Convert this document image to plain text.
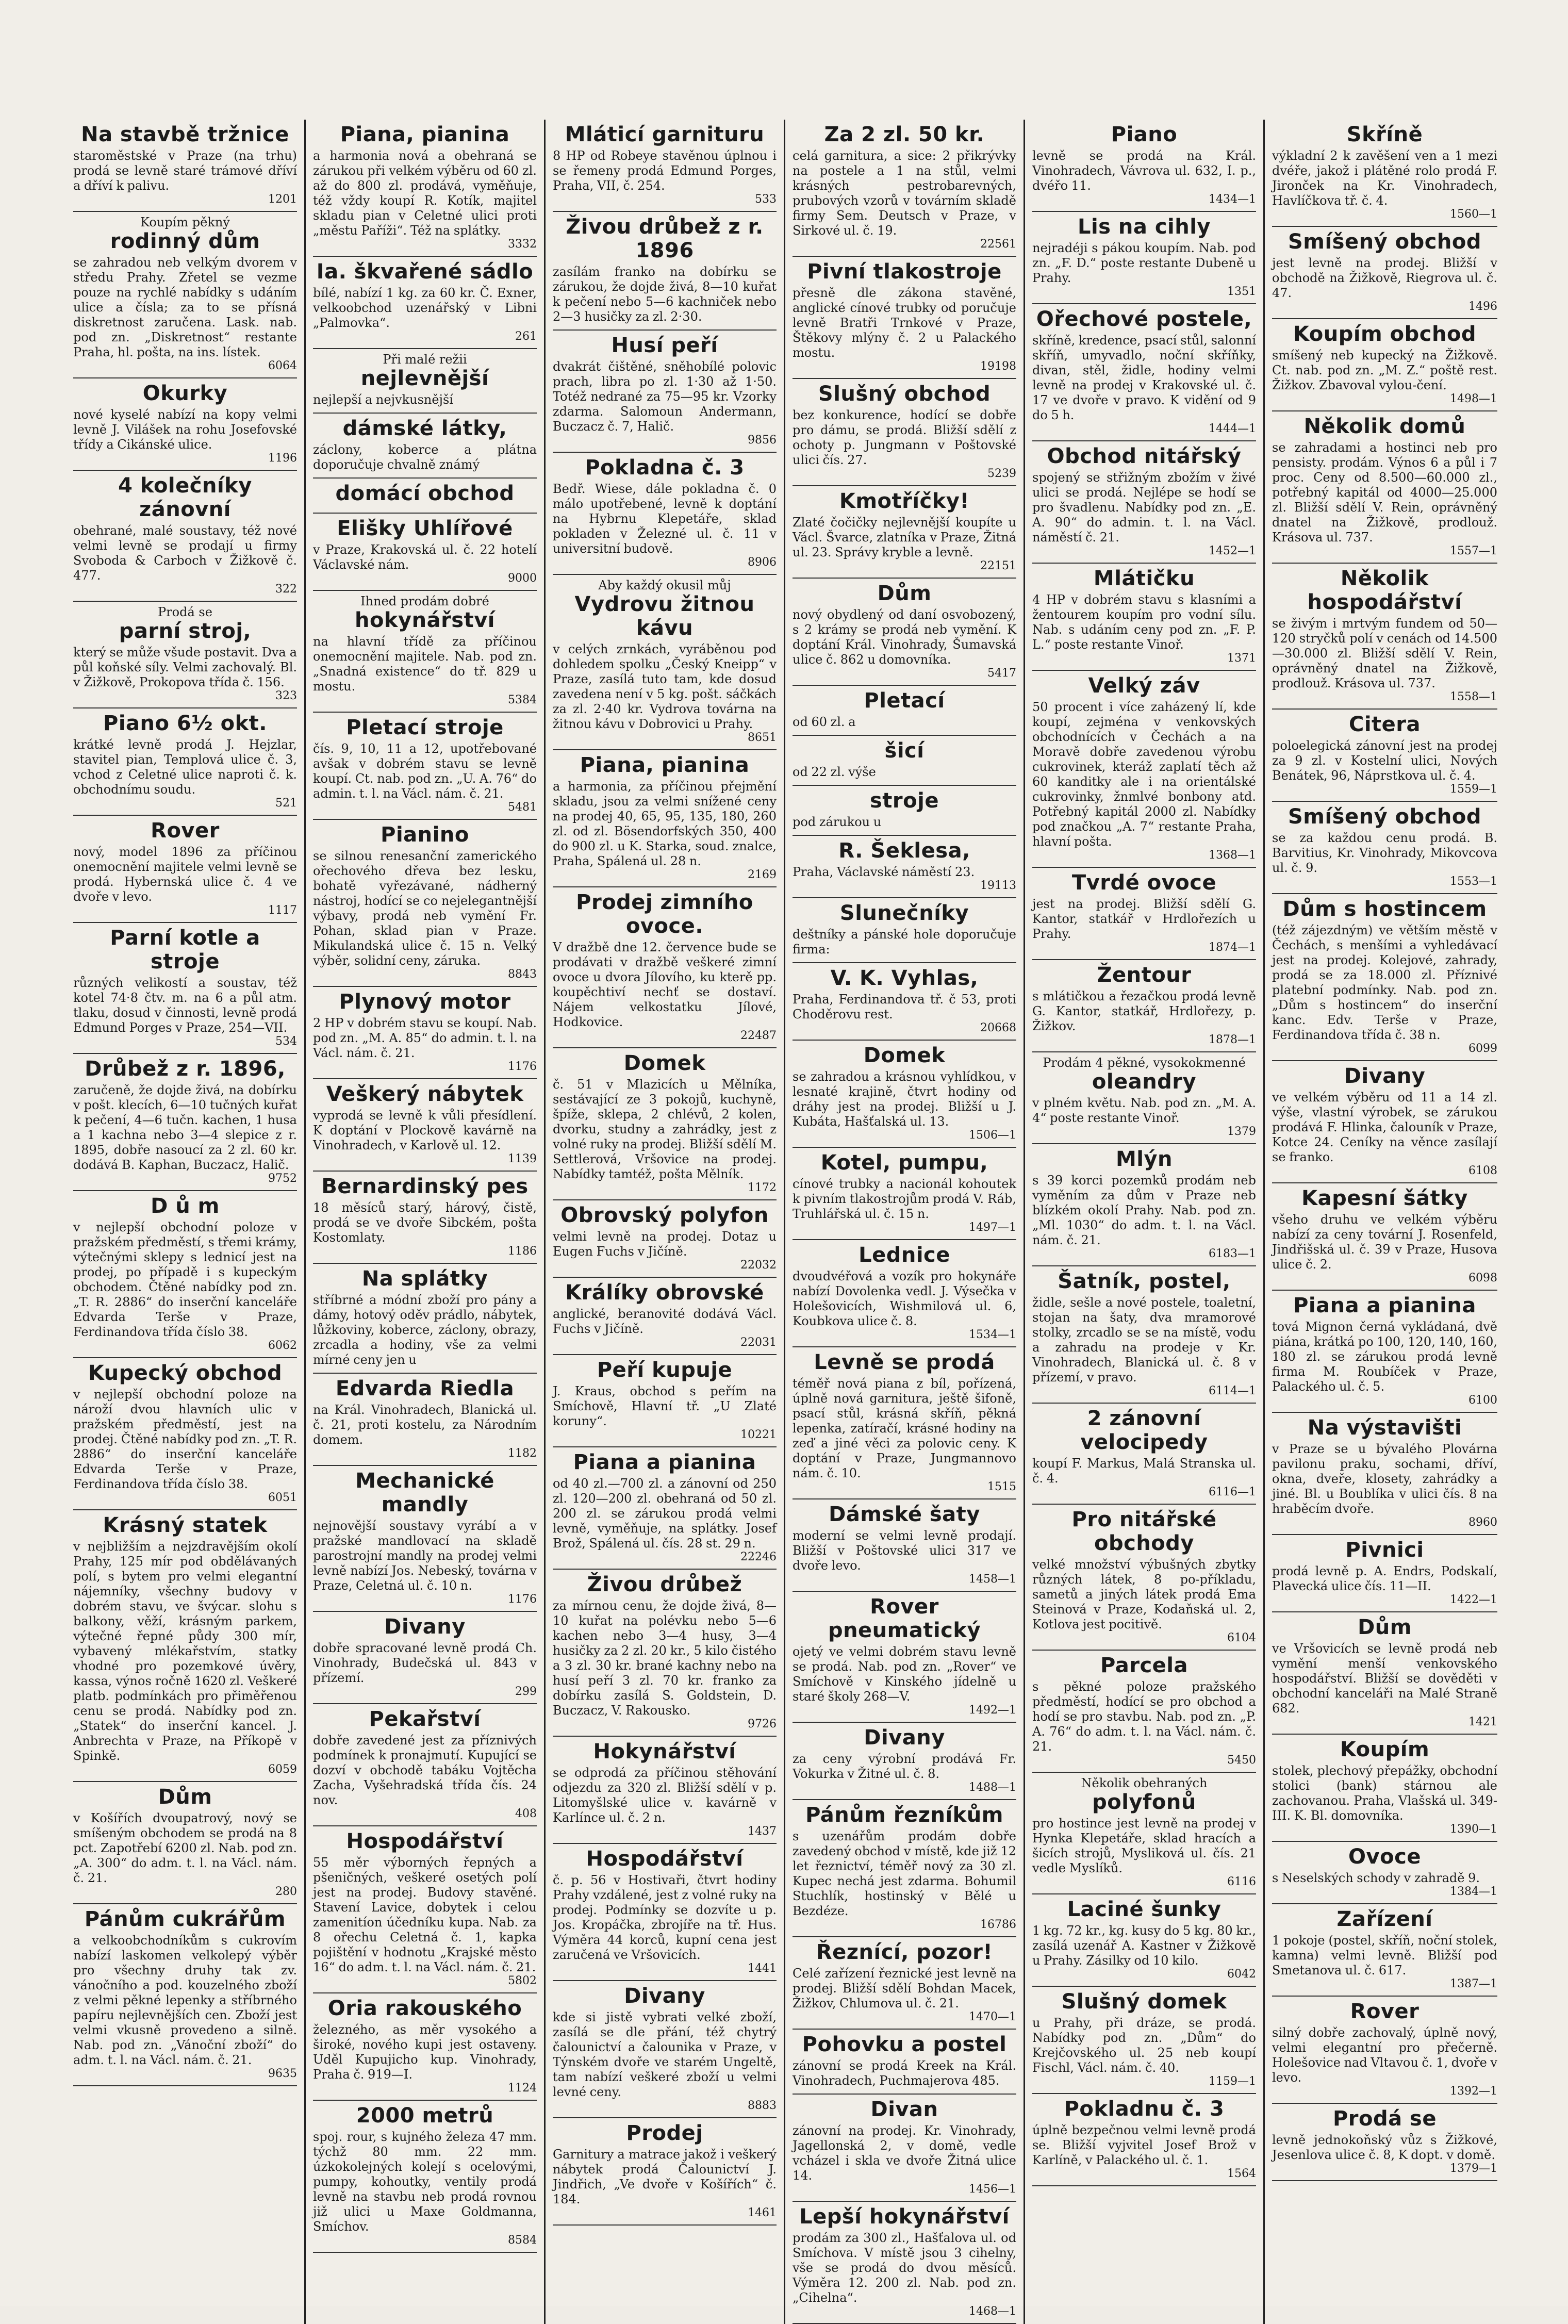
Na stavbě tržnice
staroměstské v Praze (na trhu) prodá se levně staré trámové dříví a dříví k palivu.
1201
Koupím pěkný
rodinný dům
se zahradou neb velkým dvorem v středu Prahy. Zřetel se vezme pouze na rychlé nabídky s udáním ulice a čísla; za to se přísná diskretnost zaručena. Lask. nab. pod zn. „Diskretnost“ restante Praha, hl. pošta, na ins. lístek.
6064
Okurky
nové kyselé nabízí na kopy velmi levně J. Vilášek na rohu Josefovské třídy a Cikánské ulice.
1196
4 kolečníky zánovní
obehrané, malé soustavy, též nové velmi levně se prodají u firmy Svoboda & Carboch v Žižkově č. 477.
322
Prodá se
parní stroj,
který se může všude postavit. Dva a půl koňské síly. Velmi zachovalý. Bl. v Žižkově, Prokopova třída č. 156.
323
Piano 6½ okt.
krátké levně prodá J. Hejzlar, stavitel pian, Templová ulice č. 3, vchod z Celetné ulice naproti č. k. obchodnímu soudu.
521
Rover
nový, model 1896 za příčinou onemocnění majitele velmi levně se prodá. Hybernská ulice č. 4 ve dvoře v levo.
1117
Parní kotle a stroje
různých velikostí a soustav, též kotel 74·8 čtv. m. na 6 a půl atm. tlaku, dosud v činnosti, levně prodá Edmund Porges v Praze, 254—VII.
534
Drůbež z r. 1896,
zaručeně, že dojde živá, na dobírku v pošt. klecích, 6—10 tučných kuřat k pečení, 4—6 tučn. kachen, 1 husa a 1 kachna nebo 3—4 slepice z r. 1895, dobře nasoucí za 2 zl. 60 kr. dodává B. Kaphan, Buczacz, Halič.
9752
D ů m
v nejlepší obchodní poloze v pražském předměstí, s třemi krámy, výtečnými sklepy s lednicí jest na prodej, po případě i s kupeckým obchodem. Čtěné nabídky pod zn. „T. R. 2886“ do inserční kanceláře Edvarda Terše v Praze, Ferdinandova třída číslo 38.
6062
Kupecký obchod
v nejlepší obchodní poloze na nároží dvou hlavních ulic v pražském předměstí, jest na prodej. Čtěné nabídky pod zn. „T. R. 2886“ do inserční kanceláře Edvarda Terše v Praze, Ferdinandova třída číslo 38.
6051
Krásný statek
v nejbližším a nejzdravějším okolí Prahy, 125 mír pod obdělávaných polí, s bytem pro velmi elegantní nájemníky, všechny budovy v dobrém stavu, ve švýcar. slohu s balkony, věží, krásným parkem, výtečné řepné půdy 300 mír, vybavený mlékařstvím, statky vhodné pro pozemkové úvěry, kassa, výnos ročně 1620 zl. Veškeré platb. podmínkách pro přiměřenou cenu se prodá. Nabídky pod zn. „Statek“ do inserční kancel. J. Anbrechta v Praze, na Příkopě v Spinkě.
6059
Dům
v Košířích dvoupatrový, nový se smíšeným obchodem se prodá na 8 pct. Zapotřebí 6200 zl. Nab. pod zn. „A. 300“ do adm. t. l. na Václ. nám. č. 21.
280
Pánům cukrářům
a velkoobchodníkům s cukrovím nabízí laskomen velkolepý výběr pro všechny druhy tak zv. vánočního a pod. kouzelného zboží z velmi pěkné lepenky a stříbrného papíru nejlevnějších cen. Zboží jest velmi vkusně provedeno a silně. Nab. pod zn. „Vánoční zboží“ do adm. t. l. na Václ. nám. č. 21.
9635
Piana, pianina
a harmonia nová a obehraná se zárukou při velkém výběru od 60 zl. až do 800 zl. prodává, vyměňuje, též vždy koupí R. Kotík, majitel skladu pian v Celetné ulici proti „městu Paříži“. Též na splátky.
3332
Ia. škvařené sádlo
bílé, nabízí 1 kg. za 60 kr. Č. Exner, velkoobchod uzenářský v Libni „Palmovka“.
261
Při malé režii
nejlevnější
nejlepší a nejvkusnější
dámské látky,
záclony, koberce a plátna doporučuje chvalně známý
domácí obchod
Elišky Uhlířové
v Praze, Krakovská ul. č. 22 hotelí Václavské nám.
9000
Ihned prodám dobré
hokynářství
na hlavní třídě za příčinou onemocnění majitele. Nab. pod zn. „Snadná existence“ do tř. 829 u mostu.
5384
Pletací stroje
čís. 9, 10, 11 a 12, upotřebované avšak v dobrém stavu se levně koupí. Ct. nab. pod zn. „U. A. 76“ do admin. t. l. na Václ. nám. č. 21.
5481
Pianino
se silnou renesanční zamerického ořechového dřeva bez lesku, bohatě vyřezávané, nádherný nástroj, hodící se co nejelegantnější výbavy, prodá neb vymění Fr. Pohan, sklad pian v Praze. Mikulandská ulice č. 15 n. Velký výběr, solidní ceny, záruka.
8843
Plynový motor
2 HP v dobrém stavu se koupí. Nab. pod zn. „M. A. 85“ do admin. t. l. na Václ. nám. č. 21.
1176
Veškerý nábytek
vyprodá se levně k vůli přesídlení. K doptání v Plockově kavárně na Vinohradech, v Karlově ul. 12.
1139
Bernardinský pes
18 měsíců starý, hárový, čistě, prodá se ve dvoře Sibckém, pošta Kostomlaty.
1186
Na splátky
stříbrné a módní zboží pro pány a dámy, hotový oděv prádlo, nábytek, lůžkoviny, koberce, záclony, obrazy, zrcadla a hodiny, vše za velmi mírné ceny jen u
Edvarda Riedla
na Král. Vinohradech, Blanická ul. č. 21, proti kostelu, za Národním domem.
1182
Mechanické mandly
nejnovější soustavy vyrábí a v pražské mandlovací na skladě parostrojní mandly na prodej velmi levně nabízí Jos. Nebeský, továrna v Praze, Celetná ul. č. 10 n.
1176
Divany
dobře spracované levně prodá Ch. Vinohrady, Budečská ul. 843 v přízemí.
299
Pekařství
dobře zavedené jest za příznivých podmínek k pronajmutí. Kupující se dozví v obchodě tabáku Vojtěcha Zacha, Vyšehradská třída čís. 24 nov.
408
Hospodářství
55 měr výborných řepných a pšeničných, veškeré osetých polí jest na prodej. Budovy stavěné. Stavení Lavice, dobytek i celou zamenitíon účedníku kupa. Nab. za 8 ořechu Celetná č. 1, kapka pojištění v hodnotu „Krajské město 16“ do adm. t. l. na Václ. nám. č. 21.
5802
Oria rakouského
železného, as měr vysokého a široké, nového kupi jest ostaveny. Uděl Kupujicho kup. Vinohrady, Praha č. 919—I.
1124
2000 metrů
spoj. rour, s kujného železa 47 mm. týchž 80 mm. 22 mm. úzkokolejných kolejí s ocelovými, pumpy, kohoutky, ventily prodá levně na stavbu neb prodá rovnou již ulici u Maxe Goldmanna, Smíchov.
8584
Mláticí garnituru
8 HP od Robeye stavěnou úplnou i se řemeny prodá Edmund Porges, Praha, VII, č. 254.
533
Živou drůbež z r. 1896
zasílám franko na dobírku se zárukou, že dojde živá, 8—10 kuřat k pečení nebo 5—6 kachniček nebo 2—3 husičky za zl. 2·30.
Husí peří
dvakrát čištěné, sněhobílé polovic prach, libra po zl. 1·30 až 1·50. Totéž nedrané za 75—95 kr. Vzorky zdarma. Salomoun Andermann, Buczacz č. 7, Halič.
9856
Pokladna č. 3
Bedř. Wiese, dále pokladna č. 0 málo upotřebené, levně k doptání na Hybrnu Klepetáře, sklad pokladen v Železné ul. č. 11 v universitní budově.
8906
Aby každý okusil můj
Vydrovu žitnou kávu
v celých zrnkách, vyráběnou pod dohledem spolku „Český Kneipp“ v Praze, zasílá tuto tam, kde dosud zavedena není v 5 kg. pošt. sáčkách za zl. 2·40 kr. Vydrova továrna na žitnou kávu v Dobrovici u Prahy.
8651
Piana, pianina
a harmonia, za příčinou přejmění skladu, jsou za velmi snížené ceny na prodej 40, 65, 95, 135, 180, 260 zl. od zl. Bösendorfských 350, 400 do 900 zl. u K. Starka, soud. znalce, Praha, Spálená ul. 28 n.
2169
Prodej zimního ovoce.
V dražbě dne 12. července bude se prodávati v dražbě veškeré zimní ovoce u dvora Jílovího, ku kterě pp. koupěchtiví nechť se dostaví. Nájem velkostatku Jílové, Hodkovice.
22487
Domek
č. 51 v Mlazicích u Mělníka, sestávající ze 3 pokojů, kuchyně, špíže, sklepa, 2 chlévů, 2 kolen, dvorku, studny a zahrádky, jest z volné ruky na prodej. Bližší sdělí M. Settlerová, Vršovice na prodej. Nabídky tamtéž, pošta Mělník.
1172
Obrovský polyfon
velmi levně na prodej. Dotaz u Eugen Fuchs v Jičíně.
22032
Králíky obrovské
anglické, beranovité dodává Václ. Fuchs v Jičíně.
22031
Peří kupuje
J. Kraus, obchod s peřím na Smíchově, Hlavní tř. „U Zlaté koruny“.
10221
Piana a pianina
od 40 zl.—700 zl. a zánovní od 250 zl. 120—200 zl. obehraná od 50 zl. 200 zl. se zárukou prodá velmi levně, vyměňuje, na splátky. Josef Brož, Spálená ul. čís. 28 st. 29 n.
22246
Živou drůbež
za mírnou cenu, že dojde živá, 8—10 kuřat na polévku nebo 5—6 kachen nebo 3—4 husy, 3—4 husičky za 2 zl. 20 kr., 5 kilo čistého a 3 zl. 30 kr. brané kachny nebo na husí peří 3 zl. 70 kr. franko za dobírku zasílá S. Goldstein, D. Buczacz, V. Rakousko.
9726
Hokynářství
se odprodá za příčinou stěhování odjezdu za 320 zl. Bližší sdělí v p. Litomyšlské ulice v. kavárně v Karlínce ul. č. 2 n.
1437
Hospodářství
č. p. 56 v Hostivaři, čtvrt hodiny Prahy vzdálené, jest z volné ruky na prodej. Podmínky se dozvíte u p. Jos. Kropáčka, zbrojíře na tř. Hus. Výměra 44 korců, kupní cena jest zaručená ve Vršovicích.
1441
Divany
kde si jistě vybrati velké zboží, zasílá se dle přání, též chytrý čalounictví a čalounika v Praze, v Týnském dvoře ve starém Ungeltě, tam nabízí veškeré zboží u velmi levné ceny.
8883
Prodej
Garnitury a matrace jakož i veškerý nábytek prodá Čalounictví J. Jindřich, „Ve dvoře v Košířích“ č. 184.
1461
Za 2 zl. 50 kr.
celá garnitura, a sice: 2 přikrývky na postele a 1 na stůl, velmi krásných pestrobarevných, prubových vzorů v továrním skladě firmy Sem. Deutsch v Praze, v Sirkové ul. č. 19.
22561
Pivní tlakostroje
přesně dle zákona stavěné, anglické cínové trubky od poručuje levně Bratři Trnkové v Praze, Štěkovy mlýny č. 2 u Palackého mostu.
19198
Slušný obchod
bez konkurence, hodící se dobře pro dámu, se prodá. Bližší sdělí z ochoty p. Jungmann v Poštovské ulici čís. 27.
5239
Kmotříčky!
Zlaté čočičky nejlevnější koupíte u Václ. Švarce, zlatníka v Praze, Žitná ul. 23. Správy kryble a levně.
22151
Dům
nový obydlený od daní osvobozený, s 2 krámy se prodá neb vymění. K doptání Král. Vinohrady, Šumavská ulice č. 862 u domovníka.
5417
Pletací
od 60 zl. a
šicí
od 22 zl. výše
stroje
pod zárukou u
R. Šeklesa,
Praha, Václavské náměstí 23.
19113
Slunečníky
deštníky a pánské hole doporučuje firma:
V. K. Vyhlas,
Praha, Ferdinandova tř. č 53, proti Choděrovu rest.
20668
Domek
se zahradou a krásnou vyhlídkou, v lesnaté krajině, čtvrt hodiny od dráhy jest na prodej. Bližší u J. Kubáta, Hašťalská ul. 13.
1506—1
Kotel, pumpu,
cínové trubky a nacionál kohoutek k pivním tlakostrojům prodá V. Ráb, Truhlářská ul. č. 15 n.
1497—1
Lednice
dvoudvéřová a vozík pro hokynáře nabízí Dovolenka vedl. J. Výsečka v Holešovicích, Wishmilová ul. 6, Koubkova ulice č. 8.
1534—1
Levně se prodá
téměř nová piana z bíl, pořízená, úplně nová garnitura, ještě šifoně, psací stůl, krásná skříň, pěkná lepenka, zatíračí, krásné hodiny na zeď a jiné věci za polovic ceny. K doptání v Praze, Jungmannovo nám. č. 10.
1515
Dámské šaty
moderní se velmi levně prodají. Bližší v Poštovské ulici 317 ve dvoře levo.
1458—1
Rover pneumatický
ojetý ve velmi dobrém stavu levně se prodá. Nab. pod zn. „Rover“ ve Smíchově v Kinského jídelně u staré školy 268—V.
1492—1
Divany
za ceny výrobní prodává Fr. Vokurka v Žitné ul. č. 8.
1488—1
Pánům řezníkům
s uzenářům prodám dobře zavedený obchod v místě, kde již 12 let řeznictví, téměř nový za 30 zl. Kupec nechá jest zdarma. Bohumil Stuchlík, hostinský v Bělé u Bezdéze.
16786
Řeznící, pozor!
Celé zařízení řeznické jest levně na prodej. Bližší sdělí Bohdan Macek, Žižkov, Chlumova ul. č. 21.
1470—1
Pohovku a postel
zánovní se prodá Kreek na Král. Vinohradech, Puchmajerova 485.
Divan
zánovní na prodej. Kr. Vinohrady, Jagellonská 2, v domě, vedle vcházel i skla ve dvoře Žitná ulice 14.
1456—1
Lepší hokynářství
prodám za 300 zl., Hašťalova ul. od Smíchova. V místě jsou 3 cihelny, vše se prodá do dvou měsíců. Výměra 12. 200 zl. Nab. pod zn. „Cihelna“.
1468—1
Piano
levně se prodá na Král. Vinohradech, Vávrova ul. 632, I. p., dvéřo 11.
1434—1
Lis na cihly
nejradéji s pákou koupím. Nab. pod zn. „F. D.“ poste restante Dubeně u Prahy.
1351
Ořechové postele,
skříně, kredence, psací stůl, salonní skříň, umyvadlo, noční skříňky, divan, stěl, židle, hodiny velmi levně na prodej v Krakovské ul. č. 17 ve dvoře v pravo. K vidění od 9 do 5 h.
1444—1
Obchod nitářský
spojený se střižným zbožím v živé ulici se prodá. Nejlépe se hodí se pro švadlenu. Nabídky pod zn. „E. A. 90“ do admin. t. l. na Václ. náměstí č. 21.
1452—1
Mlátičku
4 HP v dobrém stavu s klasními a žentourem koupím pro vodní sílu. Nab. s udáním ceny pod zn. „F. P. L.“ poste restante Vinoř.
1371
Velký záv
50 procent i více zaházený lí, kde koupí, zejména v venkovských obchodnících v Čechách a na Moravě dobře zavedenou výrobu cukrovinek, kteráž zaplatí těch až 60 kanditky ale i na orientálské cukrovinky, žnmlvé bonbony atd. Potřebný kapitál 2000 zl. Nabídky pod značkou „A. 7“ restante Praha, hlavní pošta.
1368—1
Tvrdé ovoce
jest na prodej. Bližší sdělí G. Kantor, statkář v Hrdlořezích u Prahy.
1874—1
Žentour
s mlátičkou a řezačkou prodá levně G. Kantor, statkář, Hrdlořezy, p. Žižkov.
1878—1
Prodám 4 pěkné, vysokokmenné
oleandry
v plném květu. Nab. pod zn. „M. A. 4“ poste restante Vinoř.
1379
Mlýn
s 39 korci pozemků prodám neb vyměním za dům v Praze neb blízkém okolí Prahy. Nab. pod zn. „Ml. 1030“ do adm. t. l. na Václ. nám. č. 21.
6183—1
Šatník, postel,
židle, sešle a nové postele, toaletní, stojan na šaty, dva mramorové stolky, zrcadlo se se na místě, vodu a zahradu na prodeje v Kr. Vinohradech, Blanická ul. č. 8 v přízemí, v pravo.
6114—1
2 zánovní velocipedy
koupí F. Markus, Malá Stranska ul. č. 4.
6116—1
Pro nitářské obchody
velké množství výbušných zbytky různých látek, 8 po-příkladu, sametů a jiných látek prodá Ema Steinová v Praze, Kodaňská ul. 2, Kotlova jest pocitivě.
6104
Parcela
s pěkné poloze pražského předměstí, hodící se pro obchod a hodí se pro stavbu. Nab. pod zn. „P. A. 76“ do adm. t. l. na Václ. nám. č. 21.
5450
Několik obehraných
polyfonů
pro hostince jest levně na prodej v Hynka Klepetáře, sklad hracích a šicích strojů, Mysliková ul. čís. 21 vedle Myslíků.
6116
Laciné šunky
1 kg. 72 kr., kg. kusy do 5 kg. 80 kr., zasílá uzenář A. Kastner v Žižkově u Prahy. Zásilky od 10 kilo.
6042
Slušný domek
u Prahy, při dráze, se prodá. Nabídky pod zn. „Dům“ do Krejčovského ul. 25 neb koupí Fischl, Václ. nám. č. 40.
1159—1
Pokladnu č. 3
úplně bezpečnou velmi levně prodá se. Bližší vyjvitel Josef Brož v Karlíně, v Palackého ul. č. 1.
1564
Skříně
výkladní 2 k zavěšení ven a 1 mezi dvéře, jakož i plátěné rolo prodá F. Jironček na Kr. Vinohradech, Havlíčkova tř. č. 4.
1560—1
Smíšený obchod
jest levně na prodej. Bližší v obchodě na Žižkově, Riegrova ul. č. 47.
1496
Koupím obchod
smíšený neb kupecký na Žižkově. Ct. nab. pod zn. „M. Z.“ poště rest. Žižkov. Zbavoval vylou-čení.
1498—1
Několik domů
se zahradami a hostinci neb pro pensisty. prodám. Výnos 6 a půl i 7 proc. Ceny od 8.500—60.000 zl., potřebný kapitál od 4000—25.000 zl. Bližší sdělí V. Rein, oprávněný dnatel na Žižkově, prodlouž. Krásova ul. 737.
1557—1
Několik hospodářství
se živým i mrtvým fundem od 50—120 stryčků polí v cenách od 14.500—30.000 zl. Bližší sdělí V. Rein, oprávněný dnatel na Žižkově, prodlouž. Krásova ul. 737.
1558—1
Citera
poloelegická zánovní jest na prodej za 9 zl. v Kostelní ulici, Nových Benátek, 96, Náprstkova ul. č. 4.
1559—1
Smíšený obchod
se za každou cenu prodá. B. Barvitius, Kr. Vinohrady, Mikovcova ul. č. 9.
1553—1
Dům s hostincem
(též zájezdným) ve větším městě v Čechách, s menšími a vyhledávací jest na prodej. Kolejové, zahrady, prodá se za 18.000 zl. Příznivé platební podmínky. Nab. pod zn. „Dům s hostincem“ do inserční kanc. Edv. Terše v Praze, Ferdinandova třída č. 38 n.
6099
Divany
ve velkém výběru od 11 a 14 zl. výše, vlastní výrobek, se zárukou prodává F. Hlinka, čalouník v Praze, Kotce 24. Ceníky na věnce zasílají se franko.
6108
Kapesní šátky
všeho druhu ve velkém výběru nabízí za ceny tovární J. Rosenfeld, Jindřišská ul. č. 39 v Praze, Husova ulice č. 2.
6098
Piana a pianina
tová Mignon černá vykládaná, dvě piána, krátká po 100, 120, 140, 160, 180 zl. se zárukou prodá levně firma M. Roubíček v Praze, Palackého ul. č. 5.
6100
Na výstavišti
v Praze se u bývalého Plovárna pavilonu praku, sochami, dříví, okna, dveře, klosety, zahrádky a jiné. Bl. u Boublíka v ulici čís. 8 na hraběcím dvoře.
8960
Pivnici
prodá levně p. A. Endrs, Podskalí, Plavecká ulice čís. 11—II.
1422—1
Dům
ve Vršovicích se levně prodá neb vymění menší venkovského hospodářství. Bližší se dověděti v obchodní kanceláři na Malé Straně 682.
1421
Koupím
stolek, plechový přepážky, obchodní stolici (bank) stárnou ale zachovanou. Praha, Vlašská ul. 349-III. K. Bl. domovníka.
1390—1
Ovoce
s Neselských schody v zahradě 9.
1384—1
Zařízení
1 pokoje (postel, skříň, noční stolek, kamna) velmi levně. Bližší pod Smetanova ul. č. 617.
1387—1
Rover
silný dobře zachovalý, úplně nový, velmi elegantní pro přečerně. Holešovice nad Vltavou č. 1, dvoře v levo.
1392—1
Prodá se
levně jednokoňský vůz s Žižkové, Jesenlova ulice č. 8, K dopt. v domě.
1379—1
